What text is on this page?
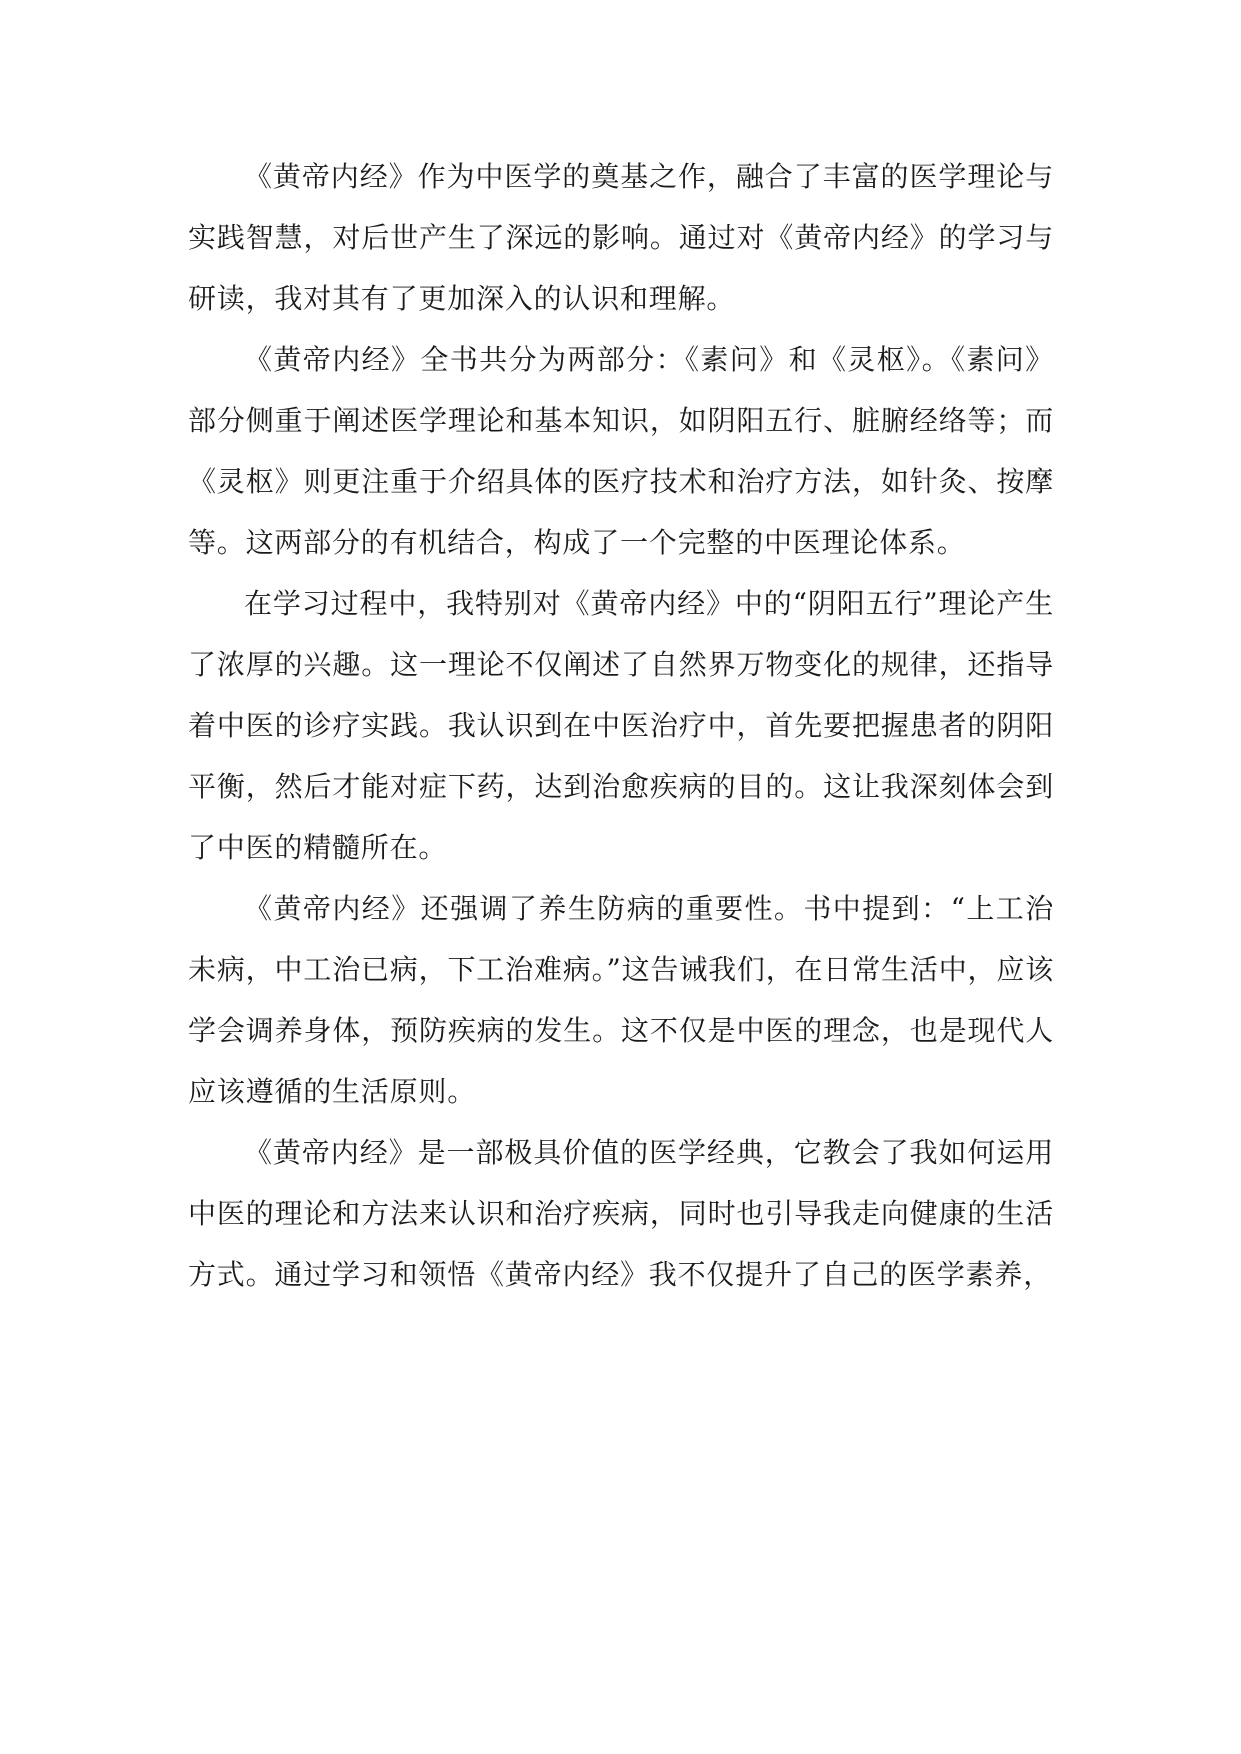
《黄帝内经》作为中医学的奠基之作，融合了丰富的医学理论与实践智慧，对后世产生了深远的影响。通过对《黄帝内经》的学习与研读，我对其有了更加深入的认识和理解。

《黄帝内经》全书共分为两部分：《素问》和《灵枢》。《素问》部分侧重于阐述医学理论和基本知识，如阴阳五行、脏腑经络等；而《灵枢》则更注重于介绍具体的医疗技术和治疗方法，如针灸、按摩等。这两部分的有机结合，构成了一个完整的中医理论体系。

在学习过程中，我特别对《黄帝内经》中的“阴阳五行”理论产生了浓厚的兴趣。这一理论不仅阐述了自然界万物变化的规律，还指导着中医的诊疗实践。我认识到在中医治疗中，首先要把握患者的阴阳平衡，然后才能对症下药，达到治愈疾病的目的。这让我深刻体会到了中医的精髓所在。

《黄帝内经》还强调了养生防病的重要性。书中提到：“上工治未病，中工治已病，下工治难病。”这告诫我们，在日常生活中，应该学会调养身体，预防疾病的发生。这不仅是中医的理念，也是现代人应该遵循的生活原则。

《黄帝内经》是一部极具价值的医学经典，它教会了我如何运用中医的理论和方法来认识和治疗疾病，同时也引导我走向健康的生活方式。通过学习和领悟《黄帝内经》我不仅提升了自己的医学素养，
